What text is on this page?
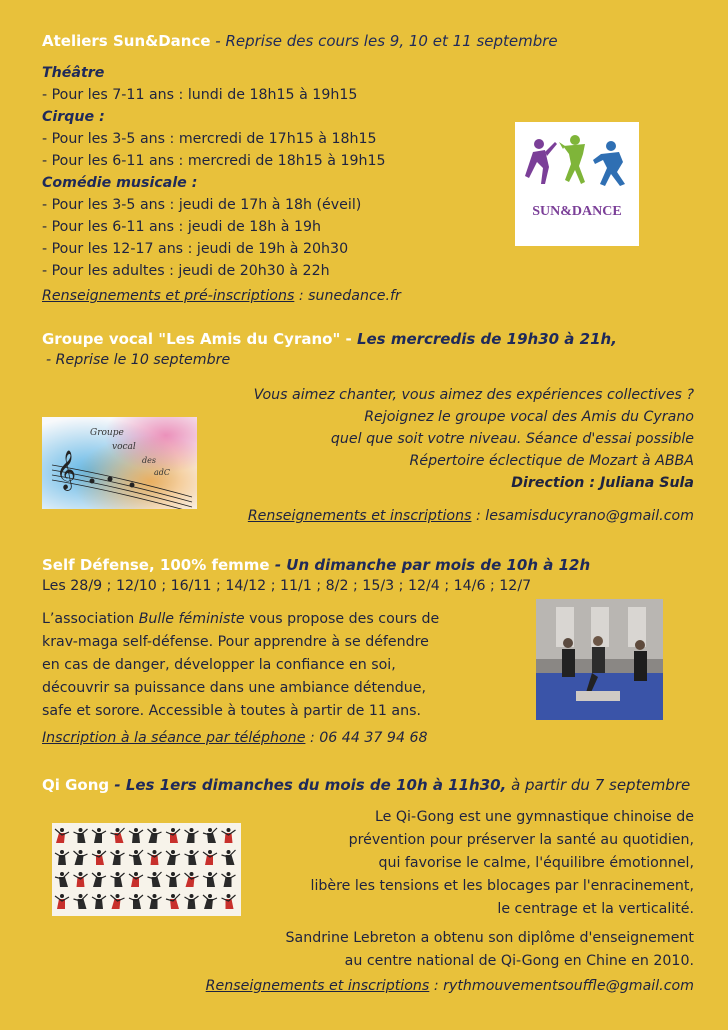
Ateliers Sun&Dance - Reprise des cours les 9, 10 et 11 septembre
Théâtre
- Pour les 7-11 ans : lundi de 18h15 à 19h15
Cirque :
- Pour les 3-5 ans : mercredi de 17h15 à 18h15
- Pour les 6-11 ans : mercredi de 18h15 à 19h15
Comédie musicale :
- Pour les 3-5 ans : jeudi de 17h à 18h (éveil)
- Pour les 6-11 ans : jeudi de 18h à 19h
- Pour les 12-17 ans : jeudi de 19h à 20h30
- Pour les adultes : jeudi de 20h30 à 22h
Renseignements et pré-inscriptions : sunedance.fr
SUN&DANCE
Groupe vocal "Les Amis du Cyrano" - Les mercredis de 19h30 à 21h,
- Reprise le 10 septembre
Vous aimez chanter, vous aimez des expériences collectives ?
Rejoignez le groupe vocal des Amis du Cyrano
quel que soit votre niveau. Séance d'essai possible
Répertoire éclectique de Mozart à ABBA
Direction : Juliana Sula
Renseignements et inscriptions : lesamisducyrano@gmail.com
𝄞
Groupe
vocal
des
adC
Self Défense, 100% femme - Un dimanche par mois de 10h à 12h
Les 28/9 ; 12/10 ; 16/11 ; 14/12 ; 11/1 ; 8/2 ; 15/3 ; 12/4 ; 14/6 ; 12/7
L’association Bulle féministe vous propose des cours de
krav-maga self-défense. Pour apprendre à se défendre
en cas de danger, développer la confiance en soi,
découvrir sa puissance dans une ambiance détendue,
safe et sorore. Accessible à toutes à partir de 11 ans.
Inscription à la séance par téléphone : 06 44 37 94 68
Qi Gong - Les 1ers dimanches du mois de 10h à 11h30, à partir du 7 septembre
Le Qi-Gong est une gymnastique chinoise de
prévention pour préserver la santé au quotidien,
qui favorise le calme, l'équilibre émotionnel,
libère les tensions et les blocages par l'enracinement,
le centrage et la verticalité.
Sandrine Lebreton a obtenu son diplôme d'enseignement
au centre national de Qi-Gong en Chine en 2010.
Renseignements et inscriptions : rythmouvementsouffle@gmail.com
